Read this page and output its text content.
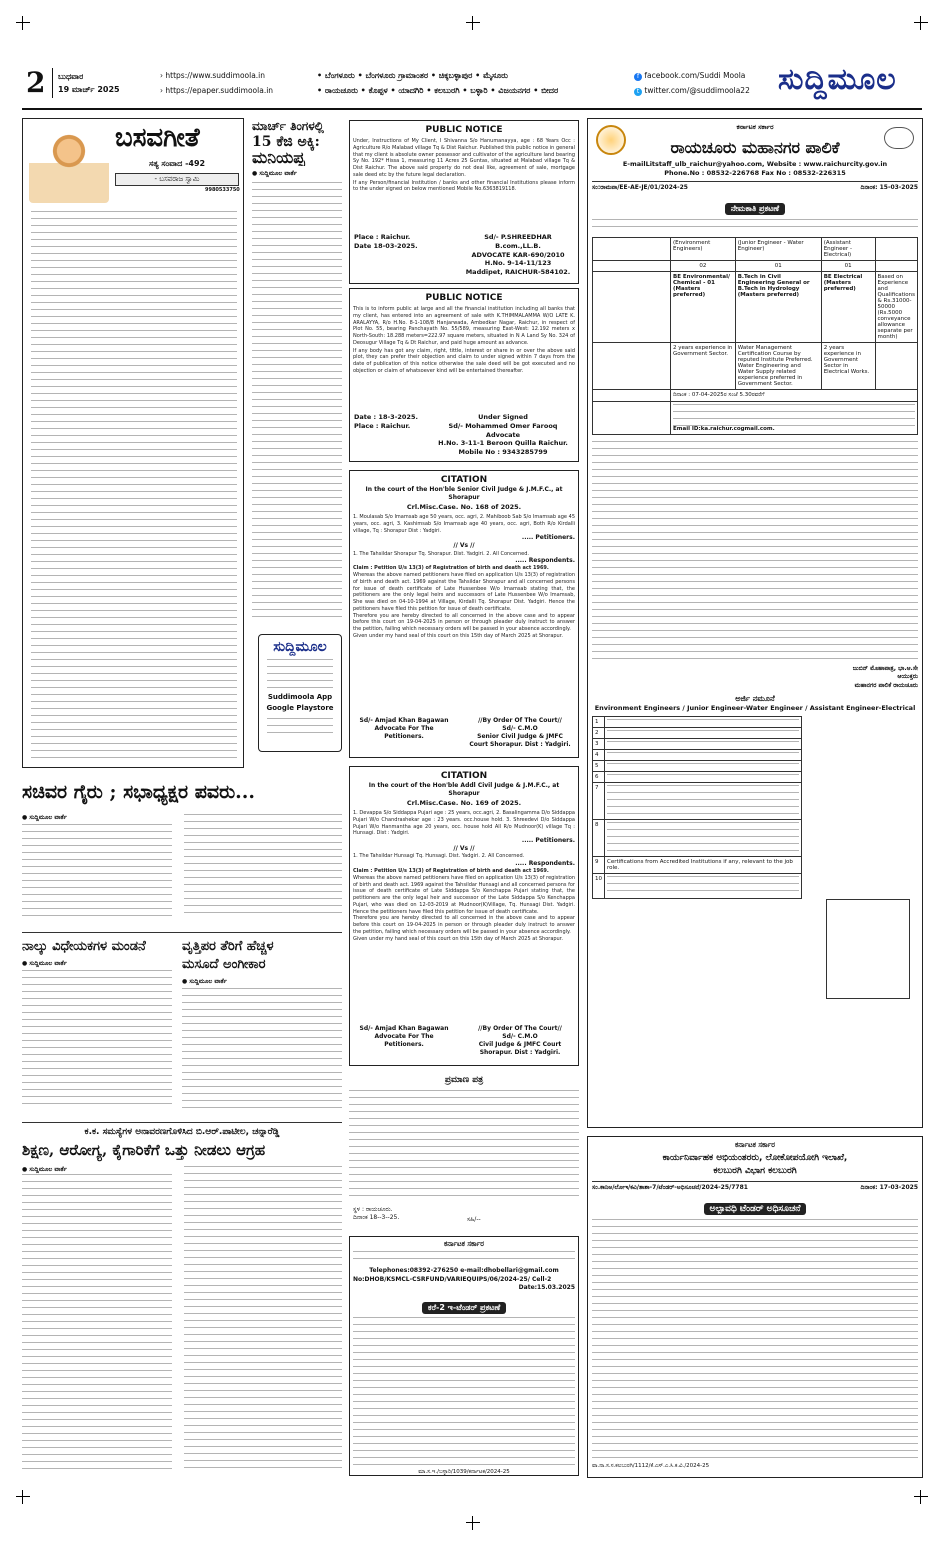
2 ಬುಧವಾರ
19 ಮಾರ್ಚ್ 2025
› https://www.suddimoola.in
› https://epaper.suddimoola.in
• ಬೆಂಗಳೂರು • ಬೆಂಗಳೂರು ಗ್ರಾಮಾಂತರ • ಚಿಕ್ಕಬಳ್ಳಾಪುರ • ಮೈಸೂರು
• ರಾಯಚೂರು • ಕೊಪ್ಪಳ • ಯಾದಗಿರಿ • ಕಲಬುರಗಿ • ಬಳ್ಳಾರಿ • ವಿಜಯನಗರ • ಬೀದರ
f facebook.com/Suddi Moola
t twitter.com/@suddimoola22 ಸುದ್ದಿಮೂಲ
ಬಸವಗೀತೆ
ಸತ್ಯ ಸಂವಾದ -492
- ಬಸವರಾಜ ಸ್ವಾಮಿ
9980533750
ಮಾರ್ಚ್ ತಿಂಗಳಲ್ಲಿ
15 ಕೆಜಿ ಅಕ್ಕಿ:
ಮನಿಯಪ್ಪ
● ಸುದ್ದಿಮೂಲ ವಾರ್ತೆ
ಸುದ್ದಿಮೂಲ
Suddimoola App
Google Playstore
PUBLIC NOTICE
Under, Instructions of My Client, I Shivanna S/o Hanumanayya, age : 68 Years Occ : Agriculture R/o Malabad village Tq & Dist Raichur. Published this public notice in general that my client is absolute owner possessor and cultivator of the agriculture land bearing Sy No. 192* Hissa 1, measuring 11 Acres 25 Guntas, situated at Malabad village Tq & Dist Raichur. The above said property do not deal like, agreement of sale, mortgage sale deed etc by the future legal declaration.
If any Person/financial Institution / banks and other financial Institutions please inform to the under signed on below mentioned Mobile No.6363819118.
Place : Raichur.
Date 18-03-2025.
Sd/- P.SHREEDHAR
B.com.,LL.B.
ADVOCATE KAR-690/2010
H.No. 9-14-11/123
Maddipet, RAICHUR-584102.
PUBLIC NOTICE
This is to inform public at large and all the financial institution including all banks that my client, has entered into an agreement of sale with K.THIMMALAMMA W/O LATE K. ARALAYYA, R/o H.No. 8-1-108/8 Hanjarwada, Ambedkar Nagar, Raichur, in respect of Plot No. 55, bearing Panchayath No. 55/589, measuring East-West: 12.192 meters x North-South: 18.288 meters=222.97 square meters, situated in N A Land Sy No. 324 of Deosugur Village Tq & Dt Raichur, and paid huge amount as advance.
If any body has got any claim, right, tittle, interest or share in or over the above said plot, they can prefer their objection and claim to under signed within 7 days from the date of publication of this notice otherwise the sale deed will be got executed and no objection or claim of whatsoever kind will be entertained thereafter.
Date : 18-3-2025.
Place : Raichur.
Under Signed
Sd/- Mohammed Omer Farooq
Advocate
H.No. 3-11-1 Beroon Quilla Raichur.
Mobile No : 9343285799
CITATION
In the court of the Hon'ble Senior Civil Judge & J.M.F.C., at Shorapur
Crl.Misc.Case. No. 168 of 2025.
1. Moulasab S/o Imamsab age 50 years, occ. agri, 2. Mahiboob Sab S/o Imamsab age 45 years, occ. agri, 3. Kashimsab S/o Imamsab age 40 years, occ. agri, Both R/o Kirdalli village, Tq : Shorapur Dist : Yadgiri.
..... Petitioners.
// Vs //
1. The Tahsildar Shorapur Tq. Shorapur. Dist. Yadgiri. 2. All Concerned.
..... Respondents.
Claim : Petition U/s 13(3) of Registration of birth and death act 1969.
Whereas the above named petitioners have filed on application U/s 13(3) of registration of birth and death act. 1969 against the Tahsildar Shorapur and all concerned persons for issue of death certificate of Late Hussenbee W/o Imamsab stating that, the petitioners are the only legal heirs and successors of Late Hussenbee W/o Imamsab, She was died on 04-10-1994 at Village, Kirdalli Tq. Shorapur Dist. Yadgiri. Hence the petitioners have filed this petition for issue of death certificate.
Therefore you are hereby directed to all concerned in the above case and to appear before this court on 19-04-2025 in person or through pleader duly instruct to answer the petition, failing which necessary orders will be passed in your absence accordingly.
Given under my hand seal of this court on this 15th day of March 2025 at Shorapur.
Sd/- Amjad Khan Bagawan
Advocate For The
Petitioners.
//By Order Of The Court//
Sd/- C.M.O
Senior Civil Judge & JMFC
Court Shorapur. Dist : Yadgiri.
CITATION
In the court of the Hon'ble Addl Civil Judge & J.M.F.C., at Shorapur
Crl.Misc.Case. No. 169 of 2025.
1. Devappa S/o Siddappa Pujari age : 25 years, occ.agri, 2. Basalingamma D/o Siddappa Pujari W/o Chandrashekar age : 23 years. occ.house hold. 3. Shreedevi D/o Siddappa Pujari W/o Hanmantha age 20 years, occ. house hold All R/o Mudnoor(K) village Tq : Hunsagi. Dist : Yadgiri.
..... Petitioners.
// Vs //
1. The Tahsildar Hunsagi Tq. Hunsagi. Dist. Yadgiri. 2. All Concerned.
..... Respondents.
Claim : Petition U/s 13(3) of Registration of birth and death act 1969.
Whereas the above named petitioners have filed on application U/s 13(3) of registration of birth and death act. 1969 against the Tahsildar Hunsagi and all concerned persons for issue of death certificate of Late Siddappa S/o Kenchappa Pujari stating that, the petitioners are the only legal heir and successor of the Late Siddappa S/o Kenchappa Pujari, who was died on 12-03-2019 at Mudnoor(K)Village, Tq. Hunsagi Dist. Yadgiri. Hence the petitioners have filed this petition for issue of death certificate.
Therefore you are hereby directed to all concerned in the above case and to appear before this court on 19-04-2025 in person or through pleader duly instruct to answer the petition, failing which necessary orders will be passed in your absence accordingly.
Given under my hand seal of this court on this 15th day of March 2025 at Shorapur.
Sd/- Amjad Khan Bagawan
Advocate For The
Petitioners.
//By Order Of The Court//
Sd/- C.M.O
Civil Judge & JMFC Court
Shorapur. Dist : Yadgiri.
ಪ್ರಮಾಣ ಪತ್ರ
ಸ್ಥಳ : ರಾಯಚೂರು.
ದಿನಾಂಕ 18--3--25.	ಸಹಿ/--
ಕರ್ನಾಟಕ ಸರ್ಕಾರ
Telephones:08392-276250 e-mail:dhobellari@gmail.com
No:DHOB/KSMCL-CSRFUND/VARIEQUIPS/06/2024-25/ Cell-2
Date:15.03.2025
ಕರೆ-2 ಇ-ಟೆಂಡರ್ ಪ್ರಕಟಣೆ
ಮಾ.ಸ.ಇ./ಬಳ್ಳಾರಿ/1039/ಕರ್ನಾಟಕ/2024-25
ಸಚಿವರ ಗೈರು ; ಸಭಾಧ್ಯಕ್ಷರ ಪವರು...
● ಸುದ್ದಿಮೂಲ ವಾರ್ತೆ
ನಾಲ್ಕು ವಿಧೇಯಕಗಳ ಮಂಡನೆ
● ಸುದ್ದಿಮೂಲ ವಾರ್ತೆ
ವೃತ್ತಿಪರ ತೆರಿಗೆ ಹೆಚ್ಚಳ
ಮಸೂದೆ ಅಂಗೀಕಾರ
● ಸುದ್ದಿಮೂಲ ವಾರ್ತೆ
ಕ.ಕ. ಸಮಸ್ಯೆಗಳ ಅನಾವರಣಗೊಳಿಸಿದ ಬಿ.ಆರ್.ಪಾಟೀಲ, ಚನ್ನಾರೆಡ್ಡಿ
ಶಿಕ್ಷಣ, ಆರೋಗ್ಯ, ಕೈಗಾರಿಕೆಗೆ ಒತ್ತು ನೀಡಲು ಆಗ್ರಹ
● ಸುದ್ದಿಮೂಲ ವಾರ್ತೆ
ಕರ್ನಾಟಕ ಸರ್ಕಾರ
ರಾಯಚೂರು ಮಹಾನಗರ ಪಾಲಿಕೆ
E-mailLitstaff_ulb_raichur@yahoo.com, Website : www.raichurcity.gov.in
Phone.No : 08532-226768 Fax No : 08532-226315
ಸಂ:ರಾಮಪಾ/EE-AE-JE/01/2024-25	ದಿನಾಂಕ: 15-03-2025
ನೇಮಕಾತಿ ಪ್ರಕಟಣೆ
	(Environment Engineers)	(Junior Engineer - Water Engineer)	(Assistant Engineer - Electrical)	
	02	01	01	
	BE Environmental/ Chemical - 01 (Masters preferred)	B.Tech in Civil Engineering General or B.Tech in Hydrology (Masters preferred)	BE Electrical (Masters preferred)	Based on Experience and Qualifications & Rs.31000-50000 (Rs.5000 conveyance allowance separate per month)
	2 years experience in Government Sector.	Water Management Certification Course by reputed Institute Preferred. Water Engineering and Water Supply related experience preferred in Government Sector.	2 years experience in Government Sector in Electrical Works.	
	ದಿನಾಂಕ : 07-04-2025ರ ಸಂಜೆ 5.30ರವರೆಗೆ			

Email ID:ka.raichur.cogmail.com.			
ಜುಬಿನ್ ಮೊಹಾಪಾತ್ರ, ಭಾ.ಆ.ಸೇ
ಆಯುಕ್ತರು
ಮಹಾನಗರ ಪಾಲಿಕೆ ರಾಯಚೂರು
ಅರ್ಜಿ ನಮೂನೆ
Environment Engineers / Junior Engineer-Water Engineer / Assistant Engineer-Electrical
1	

2	

3	

4	

5	

6	

7	

8	

9	Certifications from Accredited Institutions if any, relevant to the job role.
10	
ಕರ್ನಾಟಕ ಸರ್ಕಾರ
ಕಾರ್ಯನಿರ್ವಾಹಕ ಅಭಿಯಂತರರು, ಲೋಕೋಪಯೋಗಿ ಇಲಾಖೆ,
ಕಲಬುರಗಿ ವಿಭಾಗ ಕಲಬುರಗಿ
ಸಂ.ಕಾನಿಅ/ಲೋಇ/ಕವಿ/ತಾಶಾ-7/ಟೆಂಡರ್-ಅಧಿಸೂಚನೆ/2024-25/7781	ದಿನಾಂಕ: 17-03-2025
ಅಲ್ಪಾವಧಿ ಟೆಂಡರ್ ಅಧಿಸೂಚನೆ
ವಾ.ನಾ.ಸ.ಸ.ಕಲಬುರಗಿ/1112/ಕೆ.ಎಸ್.ಎ.ಸಿ.ಕ.ವಿ./2024-25
